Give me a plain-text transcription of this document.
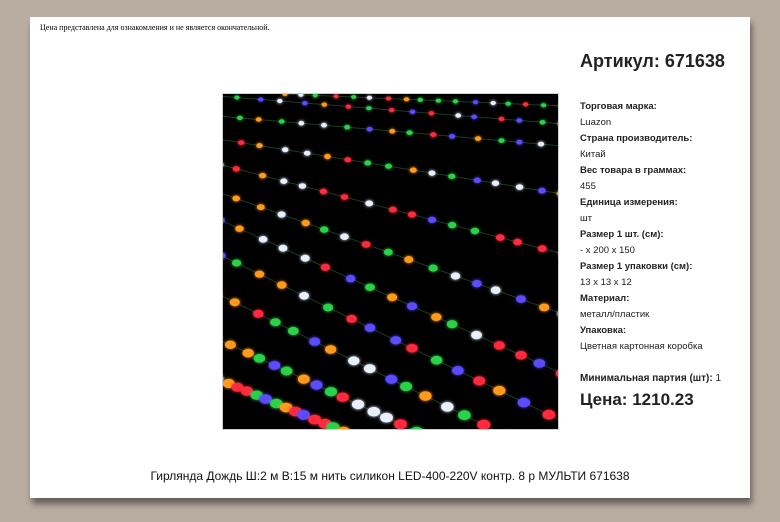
Цена представлена для ознакомления и не является окончательной.
Артикул: 671638
Торговая марка:
Luazon
Страна производитель:
Китай
Вес товара в граммах:
455
Единица измерения:
шт
Размер 1 шт. (см):
- х 200 х 150
Размер 1 упаковки (см):
13 х 13 х 12
Материал:
металл/пластик
Упаковка:
Цветная картонная коробка
Минимальная партия (шт): 1
Цена: 1210.23
Гирлянда Дождь Ш:2 м В:15 м нить силикон LED-400-220V контр. 8 р МУЛЬТИ 671638
